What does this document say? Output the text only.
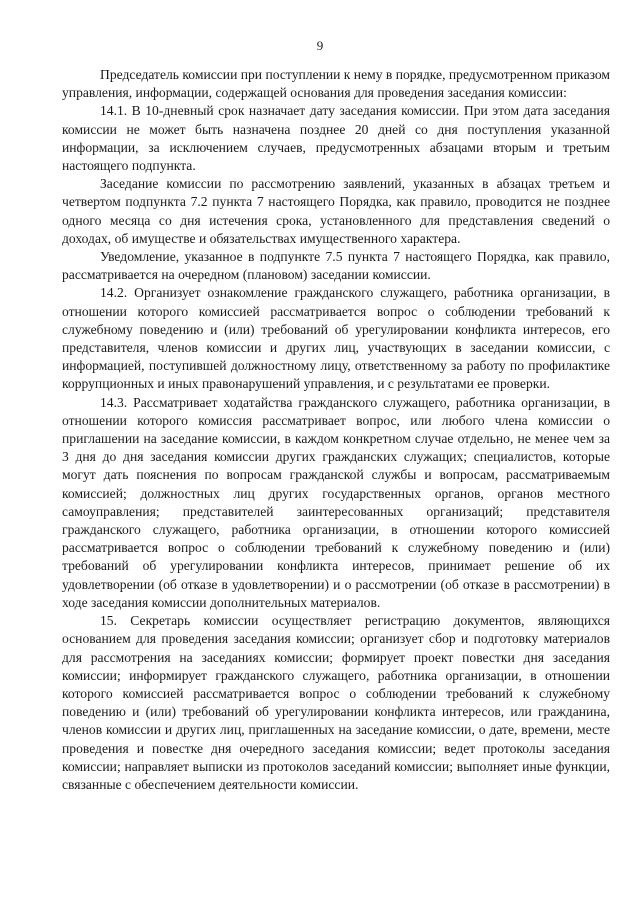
9

Председатель комиссии при поступлении к нему в порядке, предусмотренном приказом управления, информации, содержащей основания для проведения заседания комиссии:

14.1. В 10-дневный срок назначает дату заседания комиссии. При этом дата заседания комиссии не может быть назначена позднее 20 дней со дня поступления указанной информации, за исключением случаев, предусмотренных абзацами вторым и третьим настоящего подпункта.

Заседание комиссии по рассмотрению заявлений, указанных в абзацах третьем и четвертом подпункта 7.2 пункта 7 настоящего Порядка, как правило, проводится не позднее одного месяца со дня истечения срока, установленного для представления сведений о доходах, об имуществе и обязательствах имущественного характера.

Уведомление, указанное в подпункте 7.5 пункта 7 настоящего Порядка, как правило, рассматривается на очередном (плановом) заседании комиссии.

14.2. Организует ознакомление гражданского служащего, работника организации, в отношении которого комиссией рассматривается вопрос о соблюдении требований к служебному поведению и (или) требований об урегулировании конфликта интересов, его представителя, членов комиссии и других лиц, участвующих в заседании комиссии, с информацией, поступившей должностному лицу, ответственному за работу по профилактике коррупционных и иных правонарушений управления, и с результатами ее проверки.

14.3. Рассматривает ходатайства гражданского служащего, работника организации, в отношении которого комиссия рассматривает вопрос, или любого члена комиссии о приглашении на заседание комиссии, в каждом конкретном случае отдельно, не менее чем за 3 дня до дня заседания комиссии других гражданских служащих; специалистов, которые могут дать пояснения по вопросам гражданской службы и вопросам, рассматриваемым комиссией; должностных лиц других государственных органов, органов местного самоуправления; представителей заинтересованных организаций; представителя гражданского служащего, работника организации, в отношении которого комиссией рассматривается вопрос о соблюдении требований к служебному поведению и (или) требований об урегулировании конфликта интересов, принимает решение об их удовлетворении (об отказе в удовлетворении) и о рассмотрении (об отказе в рассмотрении) в ходе заседания комиссии дополнительных материалов.

15. Секретарь комиссии осуществляет регистрацию документов, являющихся основанием для проведения заседания комиссии; организует сбор и подготовку материалов для рассмотрения на заседаниях комиссии; формирует проект повестки дня заседания комиссии; информирует гражданского служащего, работника организации, в отношении которого комиссией рассматривается вопрос о соблюдении требований к служебному поведению и (или) требований об урегулировании конфликта интересов, или гражданина, членов комиссии и других лиц, приглашенных на заседание комиссии, о дате, времени, месте проведения и повестке дня очередного заседания комиссии; ведет протоколы заседания комиссии; направляет выписки из протоколов заседаний комиссии; выполняет иные функции, связанные с обеспечением деятельности комиссии.
